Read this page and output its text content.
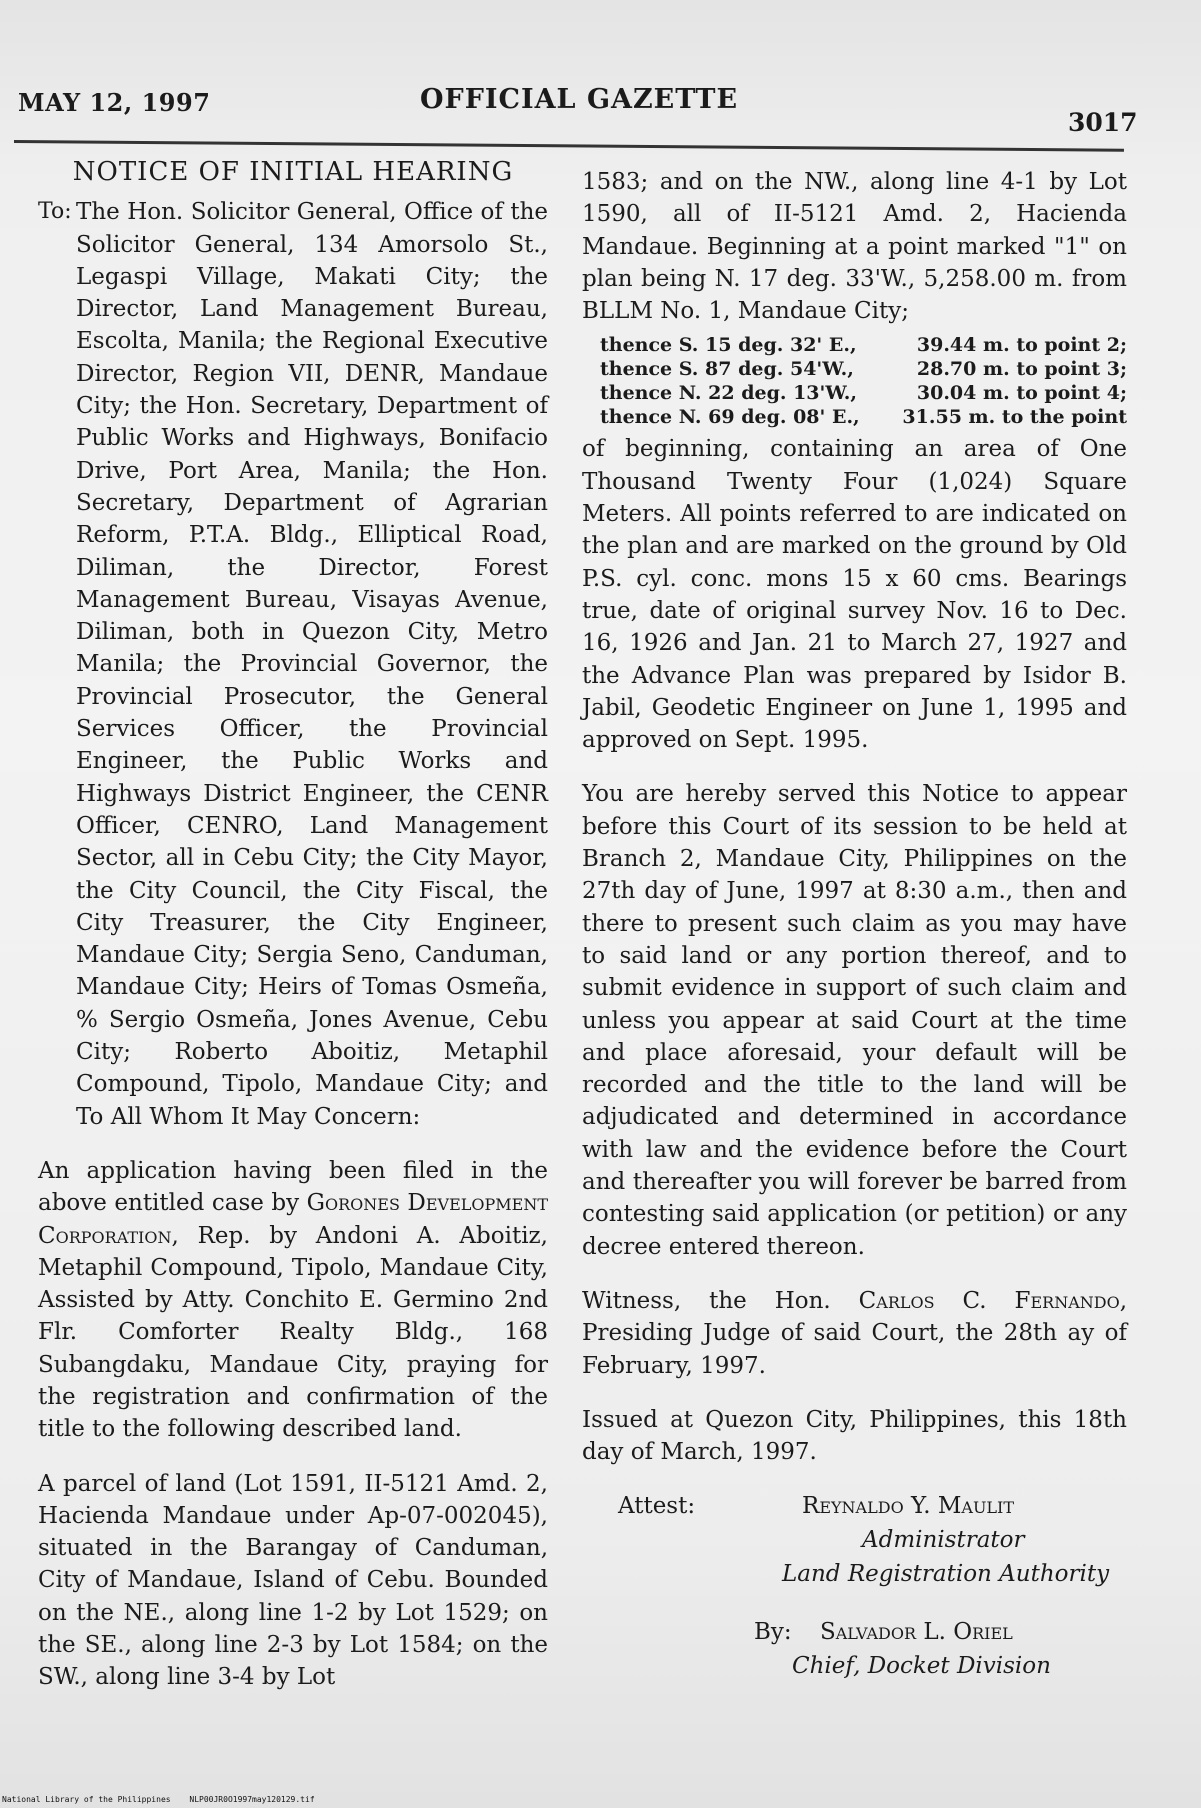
MAY 12, 1997	OFFICIAL GAZETTE
3017
NOTICE OF INITIAL HEARING
To: The Hon. Solicitor General, Office of the Solicitor General, 134 Amorsolo St., Legaspi Village, Makati City; the Director, Land Management Bureau, Escolta, Manila; the Regional Executive Director, Region VII, DENR, Mandaue City; the Hon. Secretary, Department of Public Works and Highways, Bonifacio Drive, Port Area, Manila; the Hon. Secretary, Department of Agrarian Reform, P.T.A. Bldg., Elliptical Road, Diliman, the Director, Forest Management Bureau, Visayas Avenue, Diliman, both in Quezon City, Metro Manila; the Provincial Governor, the Provincial Prosecutor, the General Services Officer, the Provincial Engineer, the Public Works and Highways District Engineer, the CENR Officer, CENRO, Land Management Sector, all in Cebu City; the City Mayor, the City Council, the City Fiscal, the City Treasurer, the City Engineer, Mandaue City; Sergia Seno, Canduman, Mandaue City; Heirs of Tomas Osmeña, % Sergio Osmeña, Jones Avenue, Cebu City; Roberto Aboitiz, Metaphil Compound, Tipolo, Mandaue City; and To All Whom It May Concern:

An application having been filed in the above entitled case by Gorones Development Corporation, Rep. by Andoni A. Aboitiz, Metaphil Compound, Tipolo, Mandaue City, Assisted by Atty. Conchito E. Germino 2nd Flr. Comforter Realty Bldg., 168 Subangdaku, Mandaue City, praying for the registration and confirmation of the title to the following described land.

A parcel of land (Lot 1591, II-5121 Amd. 2, Hacienda Mandaue under Ap-07-002045), situated in the Barangay of Canduman, City of Mandaue, Island of Cebu. Bounded on the NE., along line 1-2 by Lot 1529; on the SE., along line 2-3 by Lot 1584; on the SW., along line 3-4 by Lot

1583; and on the NW., along line 4-1 by Lot 1590, all of II-5121 Amd. 2, Hacienda Mandaue. Beginning at a point marked "1" on plan being N. 17 deg. 33'W., 5,258.00 m. from BLLM No. 1, Mandaue City;

thence S. 15 deg. 32' E.,	39.44 m. to point 2;
thence S. 87 deg. 54'W.,	28.70 m. to point 3;
thence N. 22 deg. 13'W.,	30.04 m. to point 4;
thence N. 69 deg. 08' E., 31.55 m. to the point

of beginning, containing an area of One Thousand Twenty Four (1,024) Square Meters. All points referred to are indicated on the plan and are marked on the ground by Old P.S. cyl. conc. mons 15 x 60 cms. Bearings true, date of original survey Nov. 16 to Dec. 16, 1926 and Jan. 21 to March 27, 1927 and the Advance Plan was prepared by Isidor B. Jabil, Geodetic Engineer on June 1, 1995 and approved on Sept. 1995.

You are hereby served this Notice to appear before this Court of its session to be held at Branch 2, Mandaue City, Philippines on the 27th day of June, 1997 at 8:30 a.m., then and there to present such claim as you may have to said land or any portion thereof, and to submit evidence in support of such claim and unless you appear at said Court at the time and place aforesaid, your default will be recorded and the title to the land will be adjudicated and determined in accordance with law and the evidence before the Court and thereafter you will forever be barred from contesting said application (or petition) or any decree entered thereon.

Witness, the Hon. Carlos C. Fernando, Presiding Judge of said Court, the 28th ay of February, 1997.

Issued at Quezon City, Philippines, this 18th day of March, 1997.

Attest:	Reynaldo Y. Maulit
Administrator
Land Registration Authority
By: Salvador L. Oriel
Chief, Docket Division
National Library of the Philippines NLP00JR0O1997may120129.tif
